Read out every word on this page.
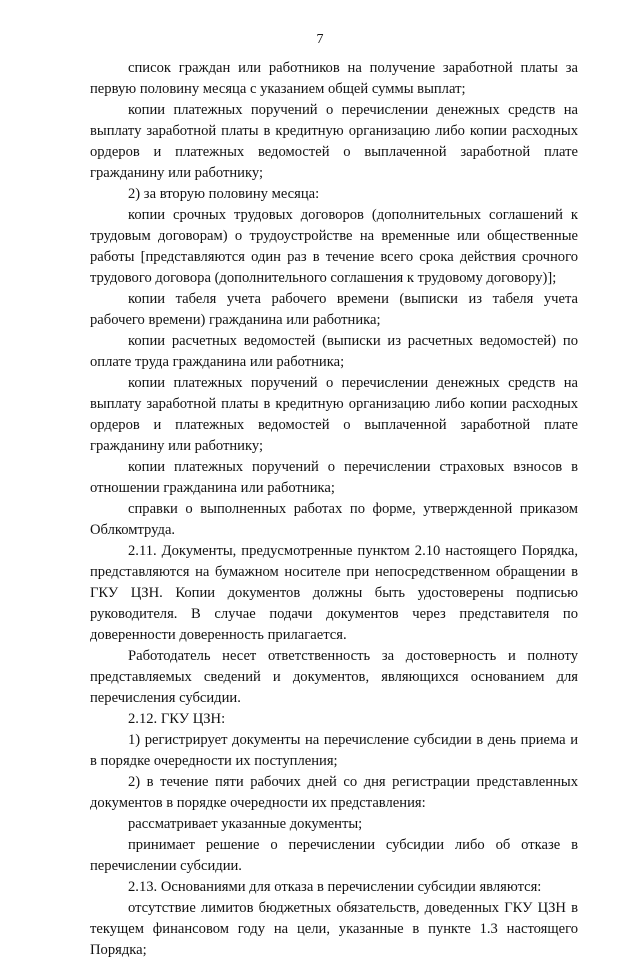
7

список граждан или работников на получение заработной платы за первую половину месяца с указанием общей суммы выплат;

копии платежных поручений о перечислении денежных средств на выплату заработной платы в кредитную организацию либо копии расходных ордеров и платежных ведомостей о выплаченной заработной плате гражданину или работнику;

2) за вторую половину месяца:

копии срочных трудовых договоров (дополнительных соглашений к трудовым договорам) о трудоустройстве на временные или общественные работы [представляются один раз в течение всего срока действия срочного трудового договора (дополнительного соглашения к трудовому договору)];

копии табеля учета рабочего времени (выписки из табеля учета рабочего времени) гражданина или работника;

копии расчетных ведомостей (выписки из расчетных ведомостей) по оплате труда гражданина или работника;

копии платежных поручений о перечислении денежных средств на выплату заработной платы в кредитную организацию либо копии расходных ордеров и платежных ведомостей о выплаченной заработной плате гражданину или работнику;

копии платежных поручений о перечислении страховых взносов в отношении гражданина или работника;

справки о выполненных работах по форме, утвержденной приказом Облкомтруда.

2.11. Документы, предусмотренные пунктом 2.10 настоящего Порядка, представляются на бумажном носителе при непосредственном обращении в ГКУ ЦЗН. Копии документов должны быть удостоверены подписью руководителя. В случае подачи документов через представителя по доверенности доверенность прилагается.

Работодатель несет ответственность за достоверность и полноту представляемых сведений и документов, являющихся основанием для перечисления субсидии.

2.12. ГКУ ЦЗН:

1) регистрирует документы на перечисление субсидии в день приема и в порядке очередности их поступления;

2) в течение пяти рабочих дней со дня регистрации представленных документов в порядке очередности их представления:

рассматривает указанные документы;

принимает решение о перечислении субсидии либо об отказе в перечислении субсидии.

2.13. Основаниями для отказа в перечислении субсидии являются:

отсутствие лимитов бюджетных обязательств, доведенных ГКУ ЦЗН в текущем финансовом году на цели, указанные в пункте 1.3 настоящего Порядка;
